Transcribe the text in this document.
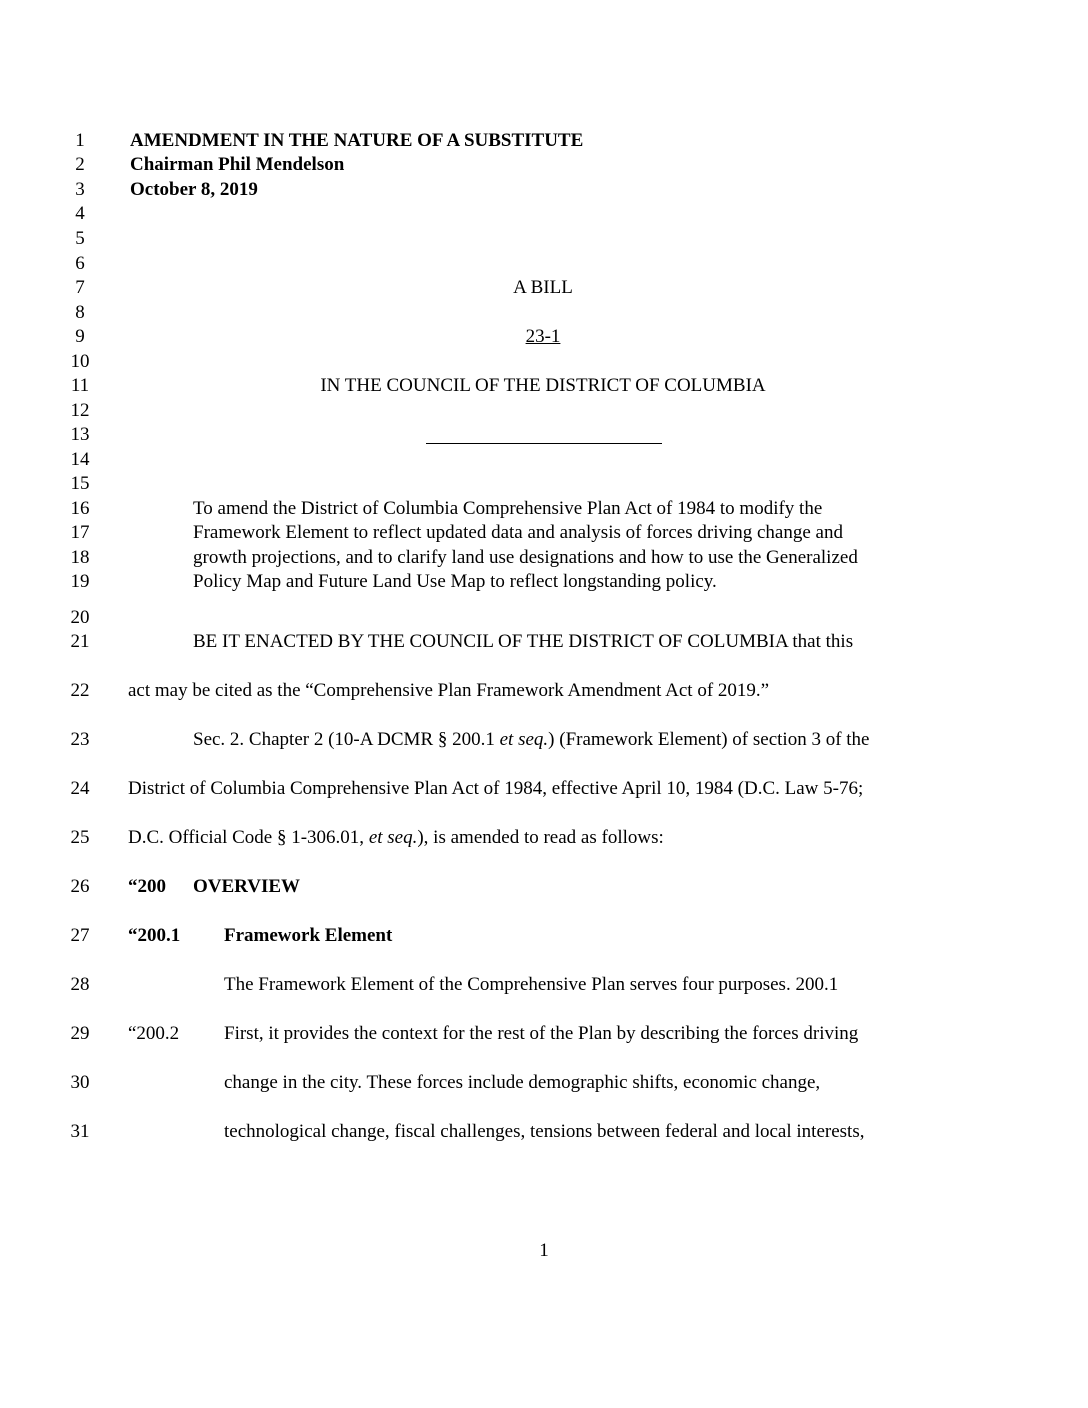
1
2
3
4
5
6
7
8
9
10
11
12
13
14
15
16
17
18
19
20
21
22
23
24
25
26
27
28
29
30
31
AMENDMENT IN THE NATURE OF A SUBSTITUTE
Chairman Phil Mendelson
October 8, 2019
A BILL
23-1
IN THE COUNCIL OF THE DISTRICT OF COLUMBIA
To amend the District of Columbia Comprehensive Plan Act of 1984 to modify the
Framework Element to reflect updated data and analysis of forces driving change and
growth projections, and to clarify land use designations and how to use the Generalized
Policy Map and Future Land Use Map to reflect longstanding policy.
BE IT ENACTED BY THE COUNCIL OF THE DISTRICT OF COLUMBIA that this
act may be cited as the “Comprehensive Plan Framework Amendment Act of 2019.”
Sec. 2. Chapter 2 (10-A DCMR § 200.1 et seq.) (Framework Element) of section 3 of the
District of Columbia Comprehensive Plan Act of 1984, effective April 10, 1984 (D.C. Law 5-76;
D.C. Official Code § 1-306.01, et seq.), is amended to read as follows:
“200 OVERVIEW
“200.1 Framework Element
The Framework Element of the Comprehensive Plan serves four purposes. 200.1
“200.2 First, it provides the context for the rest of the Plan by describing the forces driving
change in the city. These forces include demographic shifts, economic change,
technological change, fiscal challenges, tensions between federal and local interests,
1
